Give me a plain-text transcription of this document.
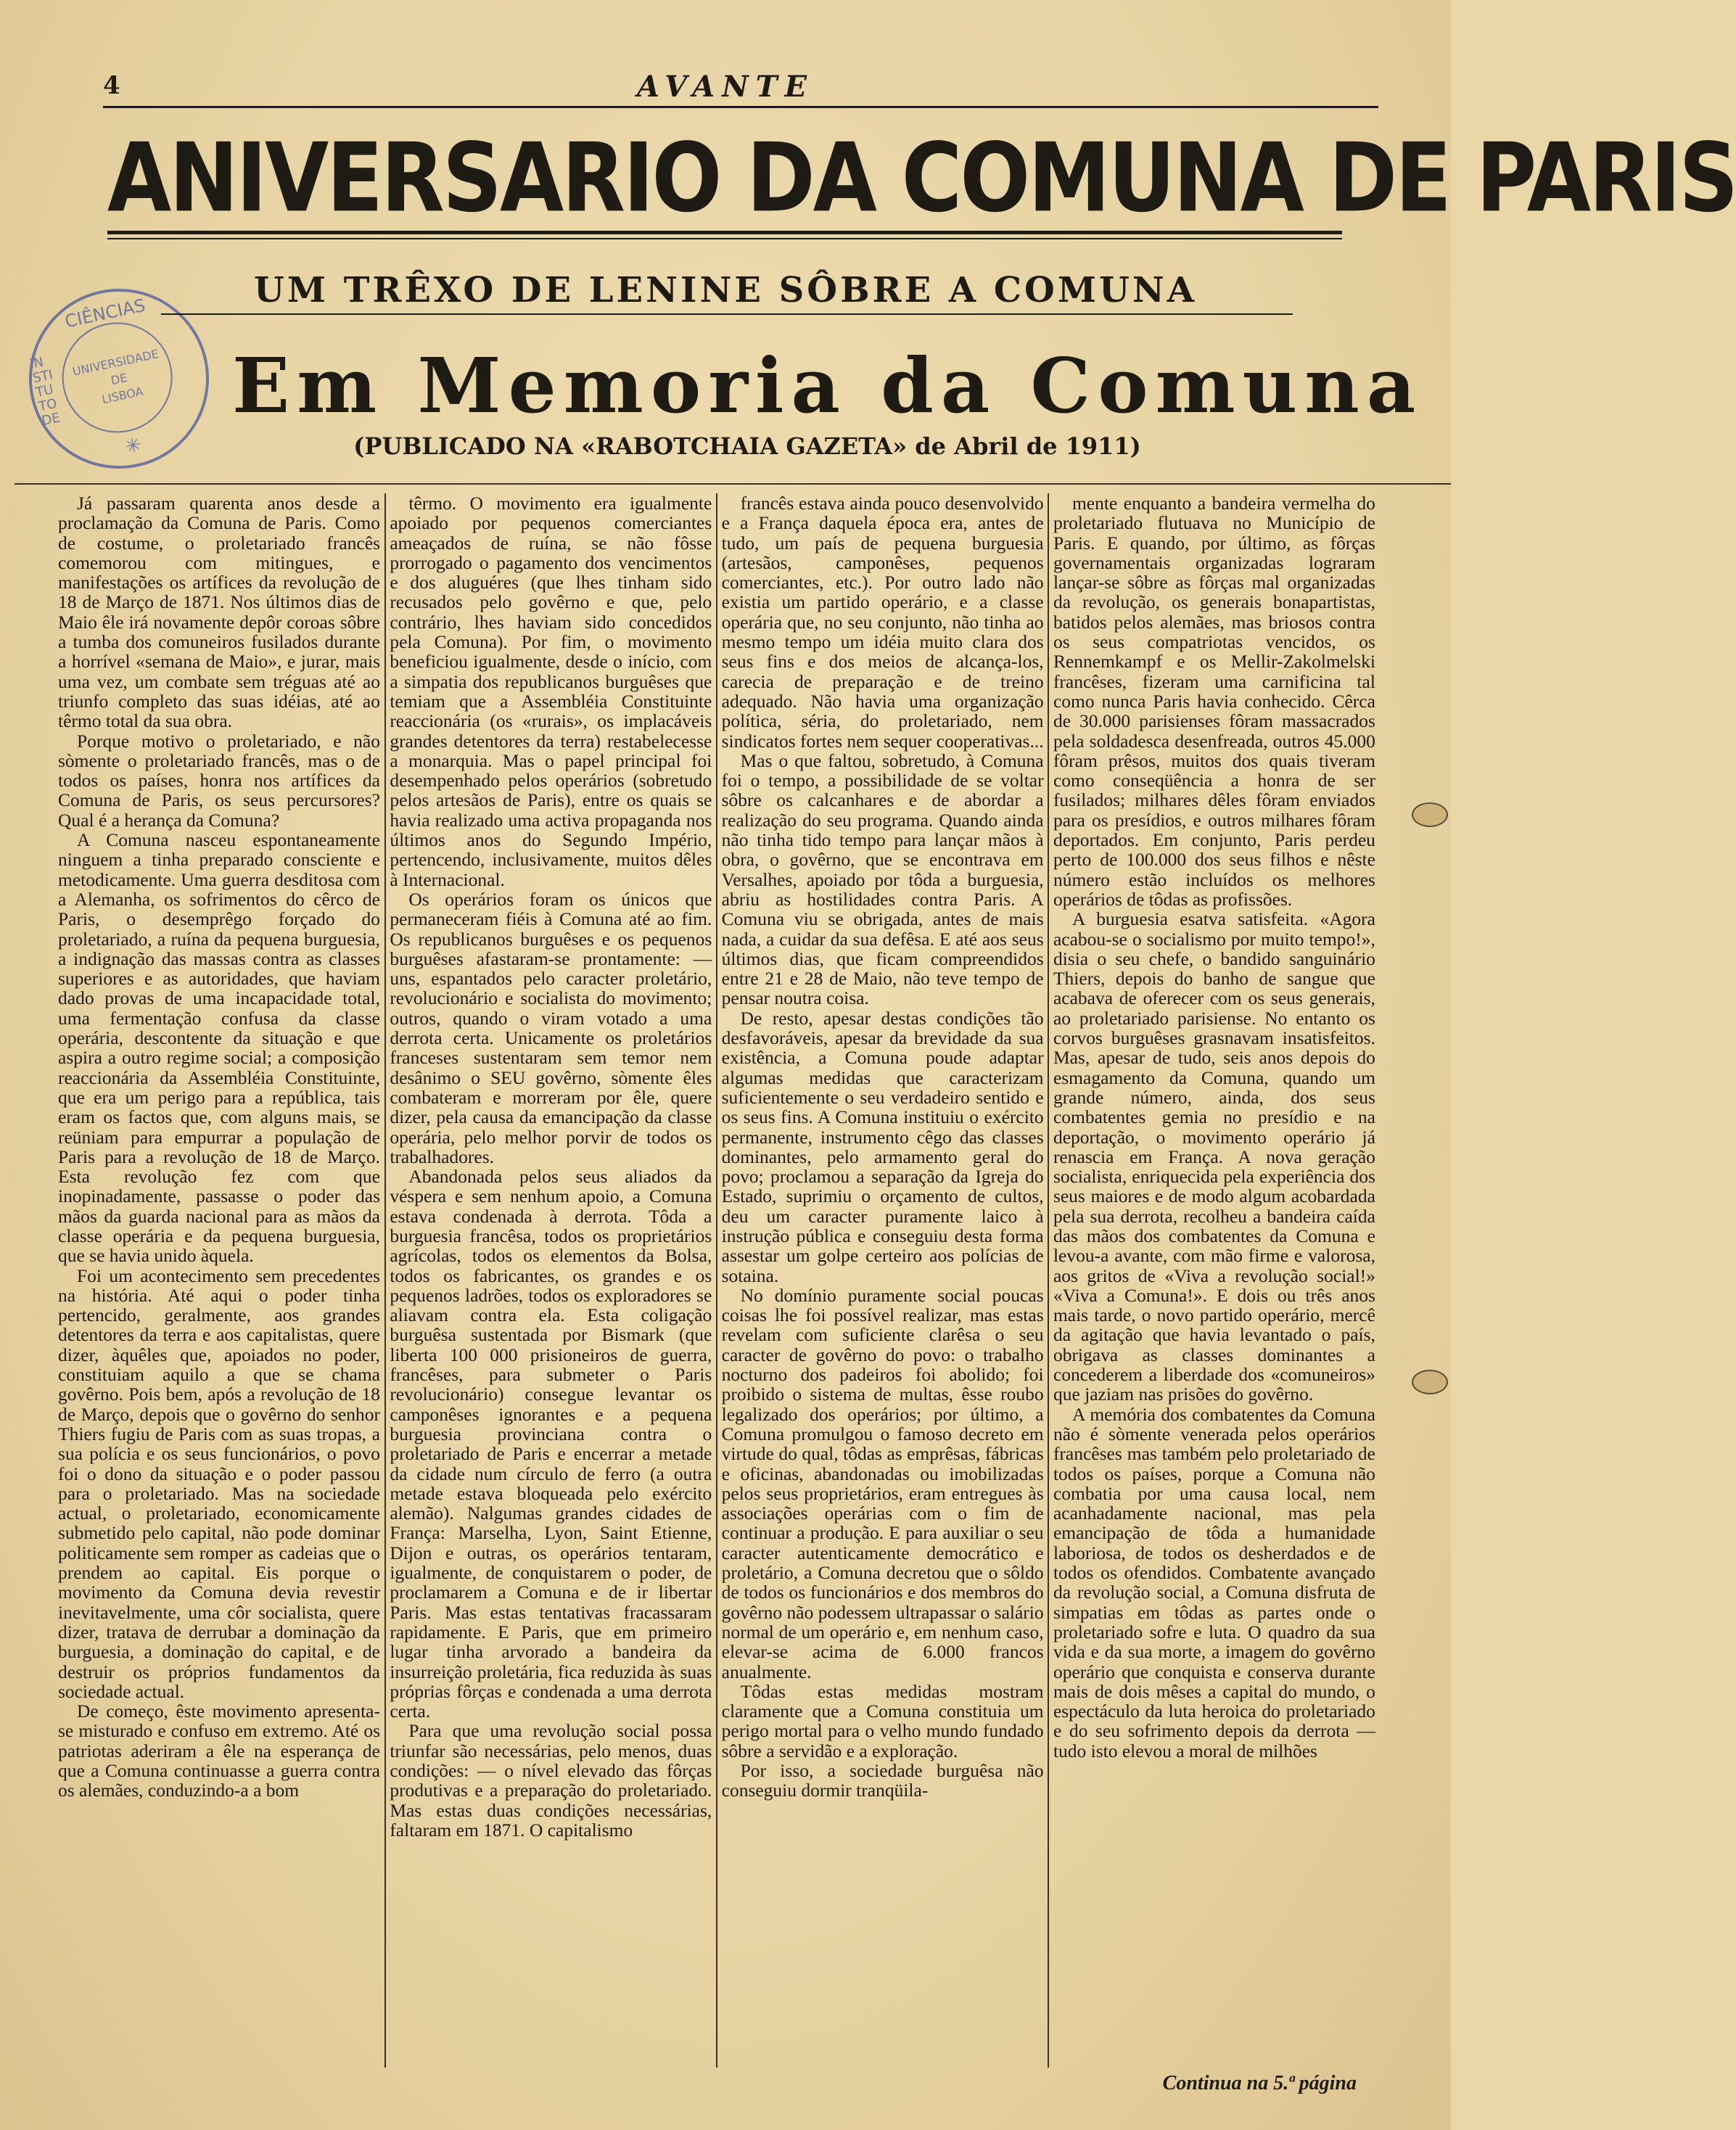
4	AVANTE
ANIVERSARIO DA COMUNA DE PARIS
CIÊNCIAS
INSTITUTO DE
UNIVERSIDADE
DE
LISBOA
✳
UM TRÊXO DE LENINE SÔBRE A COMUNA
Em Memoria da Comuna
(PUBLICADO NA «RABOTCHAIA GAZETA» de Abril de 1911)

Já passaram quarenta anos desde a proclamação da Comuna de Paris. Como de costume, o proletariado francês comemorou com mitingues, e manifestações os artífices da revolução de 18 de Março de 1871. Nos últimos dias de Maio êle irá novamente depôr coroas sôbre a tumba dos comuneiros fusilados durante a horrível «semana de Maio», e jurar, mais uma vez, um combate sem tréguas até ao triunfo completo das suas idéias, até ao têrmo total da sua obra.

Porque motivo o proletariado, e não sòmente o proletariado francês, mas o de todos os países, honra nos artífices da Comuna de Paris, os seus percursores? Qual é a herança da Comuna?

A Comuna nasceu espontaneamente ninguem a tinha preparado consciente e metodicamente. Uma guerra desditosa com a Alemanha, os sofrimentos do cêrco de Paris, o desemprêgo forçado do proletariado, a ruína da pequena burguesia, a indignação das massas contra as classes superiores e as autoridades, que haviam dado provas de uma incapacidade total, uma fermentação confusa da classe operária, descontente da situação e que aspira a outro regime social; a composição reaccionária da Assembléia Constituinte, que era um perigo para a república, tais eram os factos que, com alguns mais, se reüniam para empurrar a população de Paris para a revolução de 18 de Março. Esta revolução fez com que inopinadamente, passasse o poder das mãos da guarda nacional para as mãos da classe operária e da pequena burguesia, que se havia unido àquela.

Foi um acontecimento sem precedentes na história. Até aqui o poder tinha pertencido, geralmente, aos grandes detentores da terra e aos capitalistas, quere dizer, àquêles que, apoiados no poder, constituiam aquilo a que se chama govêrno. Pois bem, após a revolução de 18 de Março, depois que o govêrno do senhor Thiers fugiu de Paris com as suas tropas, a sua polícia e os seus funcionários, o povo foi o dono da situação e o poder passou para o proletariado. Mas na sociedade actual, o proletariado, economicamente submetido pelo capital, não pode dominar politicamente sem romper as cadeias que o prendem ao capital. Eis porque o movimento da Comuna devia revestir inevitavelmente, uma côr socialista, quere dizer, tratava de derrubar a dominação da burguesia, a dominação do capital, e de destruir os próprios fundamentos da sociedade actual.

De começo, êste movimento apresenta-se misturado e confuso em extremo. Até os patriotas aderiram a êle na esperança de que a Comuna continuasse a guerra contra os alemães, conduzindo-a a bom

têrmo. O movimento era igualmente apoiado por pequenos comerciantes ameaçados de ruína, se não fôsse prorrogado o pagamento dos vencimentos e dos aluguéres (que lhes tinham sido recusados pelo govêrno e que, pelo contrário, lhes haviam sido concedidos pela Comuna). Por fim, o movimento beneficiou igualmente, desde o início, com a simpatia dos republicanos burguêses que temiam que a Assembléia Constituinte reaccionária (os «rurais», os implacáveis grandes detentores da terra) restabelecesse a monarquia. Mas o papel principal foi desempenhado pelos operários (sobretudo pelos artesãos de Paris), entre os quais se havia realizado uma activa propaganda nos últimos anos do Segundo Império, pertencendo, inclusivamente, muitos dêles à Internacional.

Os operários foram os únicos que permaneceram fiéis à Comuna até ao fim. Os republicanos burguêses e os pequenos burguêses afastaram-se prontamente: — uns, espantados pelo caracter proletário, revolucionário e socialista do movimento; outros, quando o viram votado a uma derrota certa. Unicamente os proletários franceses sustentaram sem temor nem desânimo o SEU govêrno, sòmente êles combateram e morreram por êle, quere dizer, pela causa da emancipação da classe operária, pelo melhor porvir de todos os trabalhadores.

Abandonada pelos seus aliados da véspera e sem nenhum apoio, a Comuna estava condenada à derrota. Tôda a burguesia francêsa, todos os proprietários agrícolas, todos os elementos da Bolsa, todos os fabricantes, os grandes e os pequenos ladrões, todos os exploradores se aliavam contra ela. Esta coligação burguêsa sustentada por Bismark (que liberta 100 000 prisioneiros de guerra, francêses, para submeter o Paris revolucionário) consegue levantar os camponêses ignorantes e a pequena burguesia provinciana contra o proletariado de Paris e encerrar a metade da cidade num círculo de ferro (a outra metade estava bloqueada pelo exército alemão). Nalgumas grandes cidades de França: Marselha, Lyon, Saint Etienne, Dijon e outras, os operários tentaram, igualmente, de conquistarem o poder, de proclamarem a Comuna e de ir libertar Paris. Mas estas tentativas fracassaram rapidamente. E Paris, que em primeiro lugar tinha arvorado a bandeira da insurreição proletária, fica reduzida às suas próprias fôrças e condenada a uma derrota certa.

Para que uma revolução social possa triunfar são necessárias, pelo menos, duas condições: — o nível elevado das fôrças produtivas e a preparação do proletariado. Mas estas duas condições necessárias, faltaram em 1871. O capitalismo

francês estava ainda pouco desenvolvido e a França daquela época era, antes de tudo, um país de pequena burguesia (artesãos, camponêses, pequenos comerciantes, etc.). Por outro lado não existia um partido operário, e a classe operária que, no seu conjunto, não tinha ao mesmo tempo um idéia muito clara dos seus fins e dos meios de alcança-los, carecia de preparação e de treino adequado. Não havia uma organização política, séria, do proletariado, nem sindicatos fortes nem sequer cooperativas...

Mas o que faltou, sobretudo, à Comuna foi o tempo, a possibilidade de se voltar sôbre os calcanhares e de abordar a realização do seu programa. Quando ainda não tinha tido tempo para lançar mãos à obra, o govêrno, que se encontrava em Versalhes, apoiado por tôda a burguesia, abriu as hostilidades contra Paris. A Comuna viu se obrigada, antes de mais nada, a cuidar da sua defêsa. E até aos seus últimos dias, que ficam compreendidos entre 21 e 28 de Maio, não teve tempo de pensar noutra coisa.

De resto, apesar destas condições tão desfavoráveis, apesar da brevidade da sua existência, a Comuna poude adaptar algumas medidas que caracterizam suficientemente o seu verdadeiro sentido e os seus fins. A Comuna instituiu o exército permanente, instrumento cêgo das classes dominantes, pelo armamento geral do povo; proclamou a separação da Igreja do Estado, suprimiu o orçamento de cultos, deu um caracter puramente laico à instrução pública e conseguiu desta forma assestar um golpe certeiro aos polícias de sotaina.

No domínio puramente social poucas coisas lhe foi possível realizar, mas estas revelam com suficiente clarêsa o seu caracter de govêrno do povo: o trabalho nocturno dos padeiros foi abolido; foi proibido o sistema de multas, êsse roubo legalizado dos operários; por último, a Comuna promulgou o famoso decreto em virtude do qual, tôdas as emprêsas, fábricas e oficinas, abandonadas ou imobilizadas pelos seus proprietários, eram entregues às associações operárias com o fim de continuar a produção. E para auxiliar o seu caracter autenticamente democrático e proletário, a Comuna decretou que o sôldo de todos os funcionários e dos membros do govêrno não podessem ultrapassar o salário normal de um operário e, em nenhum caso, elevar-se acima de 6.000 francos anualmente.

Tôdas estas medidas mostram claramente que a Comuna constituia um perigo mortal para o velho mundo fundado sôbre a servidão e a exploração.

Por isso, a sociedade burguêsa não conseguiu dormir tranqüila-

mente enquanto a bandeira vermelha do proletariado flutuava no Município de Paris. E quando, por último, as fôrças governamentais organizadas lograram lançar-se sôbre as fôrças mal organizadas da revolução, os generais bonapartistas, batidos pelos alemães, mas briosos contra os seus compatriotas vencidos, os Rennemkampf e os Mellir-Zakolmelski francêses, fizeram uma carnificina tal como nunca Paris havia conhecido. Cêrca de 30.000 parisienses fôram massacrados pela soldadesca desenfreada, outros 45.000 fôram prêsos, muitos dos quais tiveram como conseqüência a honra de ser fusilados; milhares dêles fôram enviados para os presídios, e outros milhares fôram deportados. Em conjunto, Paris perdeu perto de 100.000 dos seus filhos e nêste número estão incluídos os melhores operários de tôdas as profissões.

A burguesia esatva satisfeita. «Agora acabou-se o socialismo por muito tempo!», disia o seu chefe, o bandido sanguinário Thiers, depois do banho de sangue que acabava de oferecer com os seus generais, ao proletariado parisiense. No entanto os corvos burguêses grasnavam insatisfeitos. Mas, apesar de tudo, seis anos depois do esmagamento da Comuna, quando um grande número, ainda, dos seus combatentes gemia no presídio e na deportação, o movimento operário já renascia em França. A nova geração socialista, enriquecida pela experiência dos seus maiores e de modo algum acobardada pela sua derrota, recolheu a bandeira caída das mãos dos combatentes da Comuna e levou-a avante, com mão firme e valorosa, aos gritos de «Viva a revolução social!» «Viva a Comuna!». E dois ou três anos mais tarde, o novo partido operário, mercê da agitação que havia levantado o país, obrigava as classes dominantes a concederem a liberdade dos «comuneiros» que jaziam nas prisões do govêrno.

A memória dos combatentes da Comuna não é sòmente venerada pelos operários francêses mas também pelo proletariado de todos os países, porque a Comuna não combatia por uma causa local, nem acanhadamente nacional, mas pela emancipação de tôda a humanidade laboriosa, de todos os desherdados e de todos os ofendidos. Combatente avançado da revolução social, a Comuna disfruta de simpatias em tôdas as partes onde o proletariado sofre e luta. O quadro da sua vida e da sua morte, a imagem do govêrno operário que conquista e conserva durante mais de dois mêses a capital do mundo, o espectáculo da luta heroica do proletariado e do seu sofrimento depois da derrota — tudo isto elevou a moral de milhões

Continua na 5.ª página
